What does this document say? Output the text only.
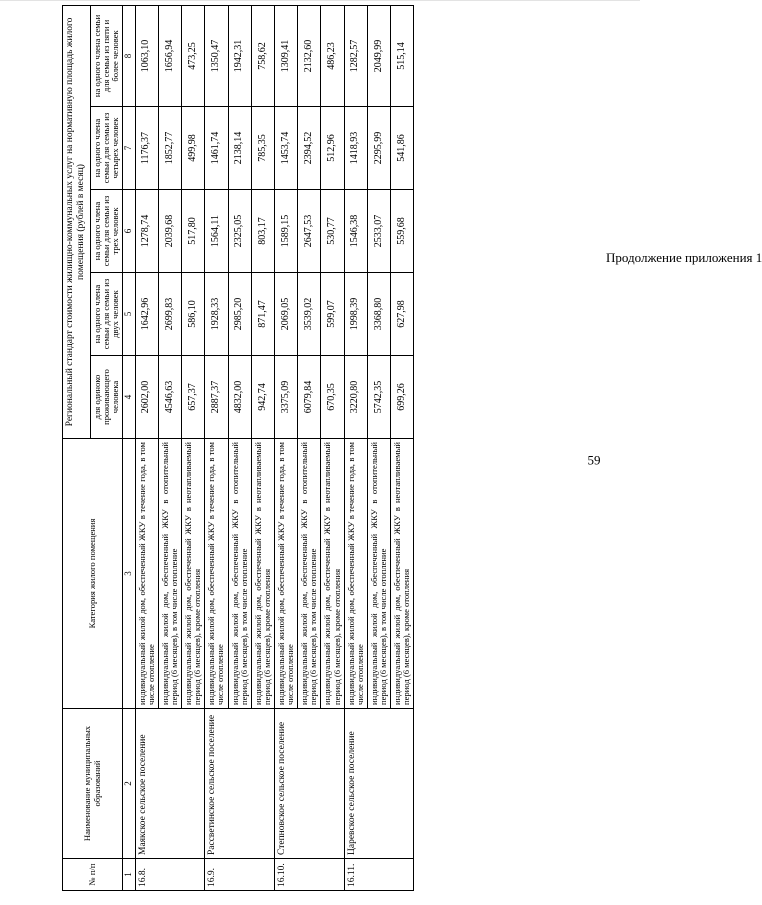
59
Продолжение приложения 1
№ п/п	Наименование муниципальных образований	Категория жилого помещения	Региональный стандарт стоимости жилищно-коммунальных услуг на нормативную площадь жилого помещения (рублей в месяц)				
			для одиноко проживающего человека	на одного члена семьи для семьи из двух человек	на одного члена семьи для семьи из трех человек	на одного члена семьи для семьи из четырех человек	на одного члена семьи для семьи из пяти и более человек
1	2	3	4	5	6	7	8
16.8.	Маякское сельское поселение	индивидуальный жилой дом, обеспеченный ЖКУ в течение года, в том числе отопление	2602,00	1642,96	1278,74	1176,37	1063,10
		индивидуальный жилой дом, обеспеченный ЖКУ в отопительный период (6 месяцев), в том числе отопление	4546,63	2699,83	2039,68	1852,77	1656,94
		индивидуальный жилой дом, обеспеченный ЖКУ в неотапливаемый период (6 месяцев), кроме отопления	657,37	586,10	517,80	499,98	473,25
16.9.	Рассветинское сельское поселение	индивидуальный жилой дом, обеспеченный ЖКУ в течение года, в том числе отопление	2887,37	1928,33	1564,11	1461,74	1350,47
		индивидуальный жилой дом, обеспеченный ЖКУ в отопительный период (6 месяцев), в том числе отопление	4832,00	2985,20	2325,05	2138,14	1942,31
		индивидуальный жилой дом, обеспеченный ЖКУ в неотапливаемый период (6 месяцев), кроме отопления	942,74	871,47	803,17	785,35	758,62
16.10.	Степновское сельское поселение	индивидуальный жилой дом, обеспеченный ЖКУ в течение года, в том числе отопление	3375,09	2069,05	1589,15	1453,74	1309,41
		индивидуальный жилой дом, обеспеченный ЖКУ в отопительный период (6 месяцев), в том числе отопление	6079,84	3539,02	2647,53	2394,52	2132,60
		индивидуальный жилой дом, обеспеченный ЖКУ в неотапливаемый период (6 месяцев), кроме отопления	670,35	599,07	530,77	512,96	486,23
16.11.	Царевское сельское поселение	индивидуальный жилой дом, обеспеченный ЖКУ в течение года, в том числе отопление	3220,80	1998,39	1546,38	1418,93	1282,57
		индивидуальный жилой дом, обеспеченный ЖКУ в отопительный период (6 месяцев), в том числе отопление	5742,35	3368,80	2533,07	2295,99	2049,99
		индивидуальный жилой дом, обеспеченный ЖКУ в неотапливаемый период (6 месяцев), кроме отопления	699,26	627,98	559,68	541,86	515,14
